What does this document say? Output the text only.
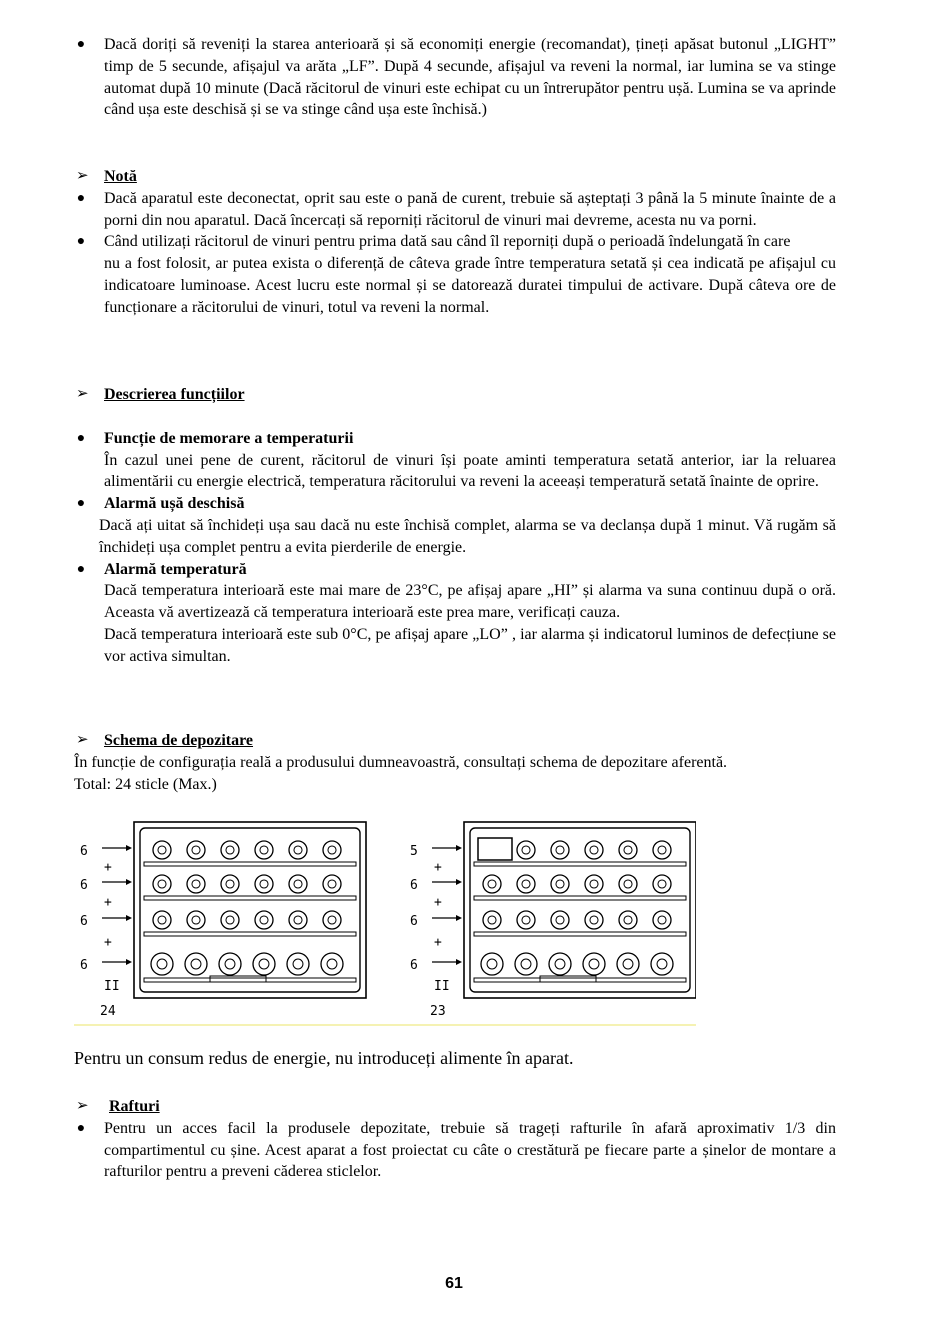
● Dacă doriți să reveniți la starea anterioară și să economiți energie (recomandat), țineți apăsat butonul „LIGHT” timp de 5 secunde, afișajul va arăta „LF”. După 4 secunde, afișajul va reveni la normal, iar lumina se va stinge automat după 10 minute (Dacă răcitorul de vinuri este echipat cu un întrerupător pentru ușă. Lumina se va aprinde când ușa este deschisă și se va stinge când ușa este închisă.)
➢ Notă
● Dacă aparatul este deconectat, oprit sau este o pană de curent, trebuie să așteptați 3 până la 5 minute înainte de a porni din nou aparatul. Dacă încercați să reporniți răcitorul de vinuri mai devreme, acesta nu va porni.
● Când utilizați răcitorul de vinuri pentru prima dată sau când îl reporniți după o perioadă îndelungată în care
nu a fost folosit, ar putea exista o diferență de câteva grade între temperatura setată și cea indicată pe afișajul cu indicatoare luminoase. Acest lucru este normal și se datorează duratei timpului de activare. După câteva ore de funcționare a răcitorului de vinuri, totul va reveni la normal.
➢ Descrierea funcțiilor
● Funcție de memorare a temperaturii
În cazul unei pene de curent, răcitorul de vinuri își poate aminti temperatura setată anterior, iar la reluarea alimentării cu energie electrică, temperatura răcitorului va reveni la aceeași temperatură setată înainte de oprire.
● Alarmă ușă deschisă
Dacă ați uitat să închideți ușa sau dacă nu este închisă complet, alarma se va declanșa după 1 minut. Vă rugăm să închideți ușa complet pentru a evita pierderile de energie.
● Alarmă temperatură
Dacă temperatura interioară este mai mare de 23°C, pe afișaj apare „HI” și alarma va suna continuu după o oră. Aceasta vă avertizează că temperatura interioară este prea mare, verificați cauza.
Dacă temperatura interioară este sub 0°C, pe afișaj apare „LO” , iar alarma și indicatorul luminos de defecțiune se vor activa simultan.
➢ Schema de depozitare
În funcție de configurația reală a produsului dumneavoastră, consultați schema de depozitare aferentă.
Total: 24 sticle (Max.)
6
+
6
+
6
+
6
II
24
5
+
6
+
6
+
6
II
23
Pentru un consum redus de energie, nu introduceți alimente în aparat.
➢ Rafturi
● Pentru un acces facil la produsele depozitate, trebuie să trageți rafturile în afară aproximativ 1/3 din compartimentul cu șine. Acest aparat a fost proiectat cu câte o crestătură pe fiecare parte a șinelor de montare a rafturilor pentru a preveni căderea sticlelor.
61
